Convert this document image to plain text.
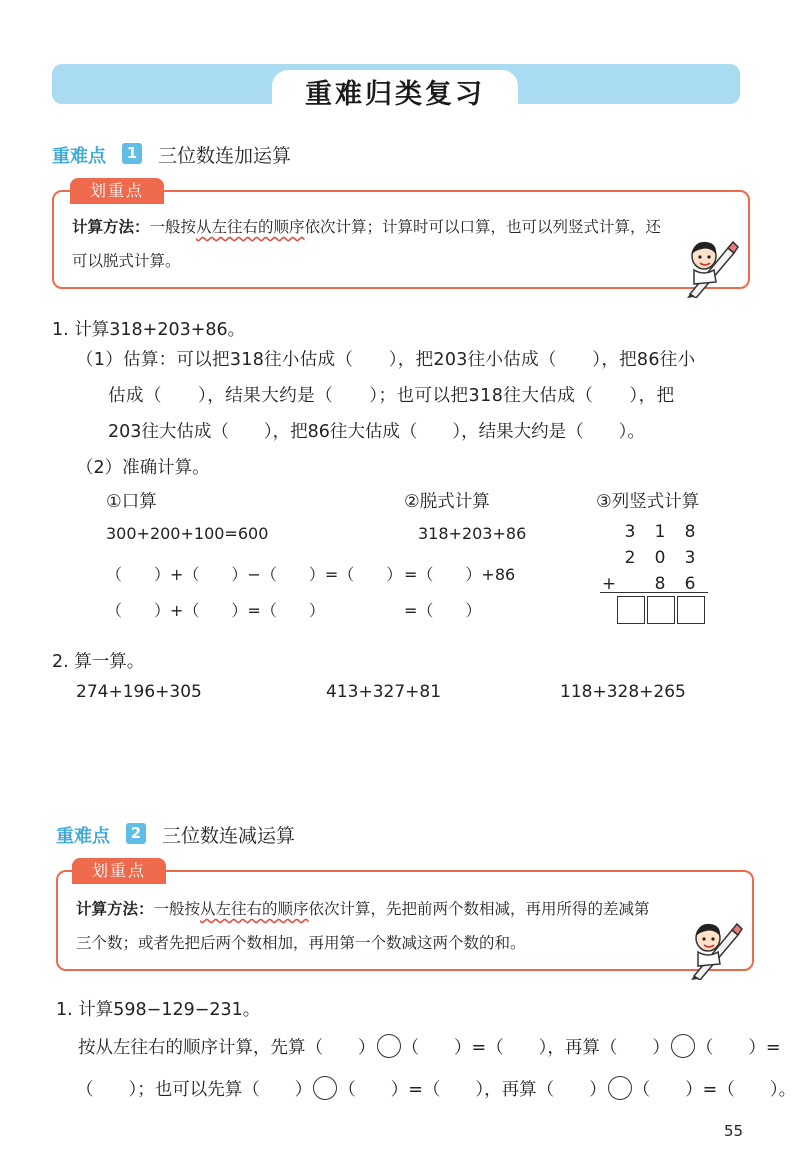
重难归类复习
重难点	1 三位数连加运算
划重点
计算方法：一般按从左往右的顺序依次计算；计算时可以口算，也可以列竖式计算，还
可以脱式计算。
1. 计算318+203+86。
（1）估算：可以把318往小估成（　　），把203往小估成（　　），把86往小
估成（　　），结果大约是（　　）；也可以把318往大估成（　　），把
203往大估成（　　），把86往大估成（　　），结果大约是（　　）。
（2）准确计算。
①口算
300+200+100=600
（　　）+（　　）−（　　）=（　　）
（　　）+（　　）=（　　）
②脱式计算
318+203+86
=（　　）+86
=（　　）
③列竖式计算
3	1	8
2	0	3
+	8	6
2. 算一算。
274+196+305	413+327+81	118+328+265
重难点	2 三位数连减运算
划重点
计算方法：一般按从左往右的顺序依次计算，先把前两个数相减，再用所得的差减第
三个数；或者先把后两个数相加，再用第一个数减这两个数的和。
1. 计算598−129−231。
按从左往右的顺序计算，先算（　　） （　　）=（　　），再算（　　） （　　）=
（　　）；也可以先算（　　） （　　）=（　　），再算（　　） （　　）=（　　）。
55
